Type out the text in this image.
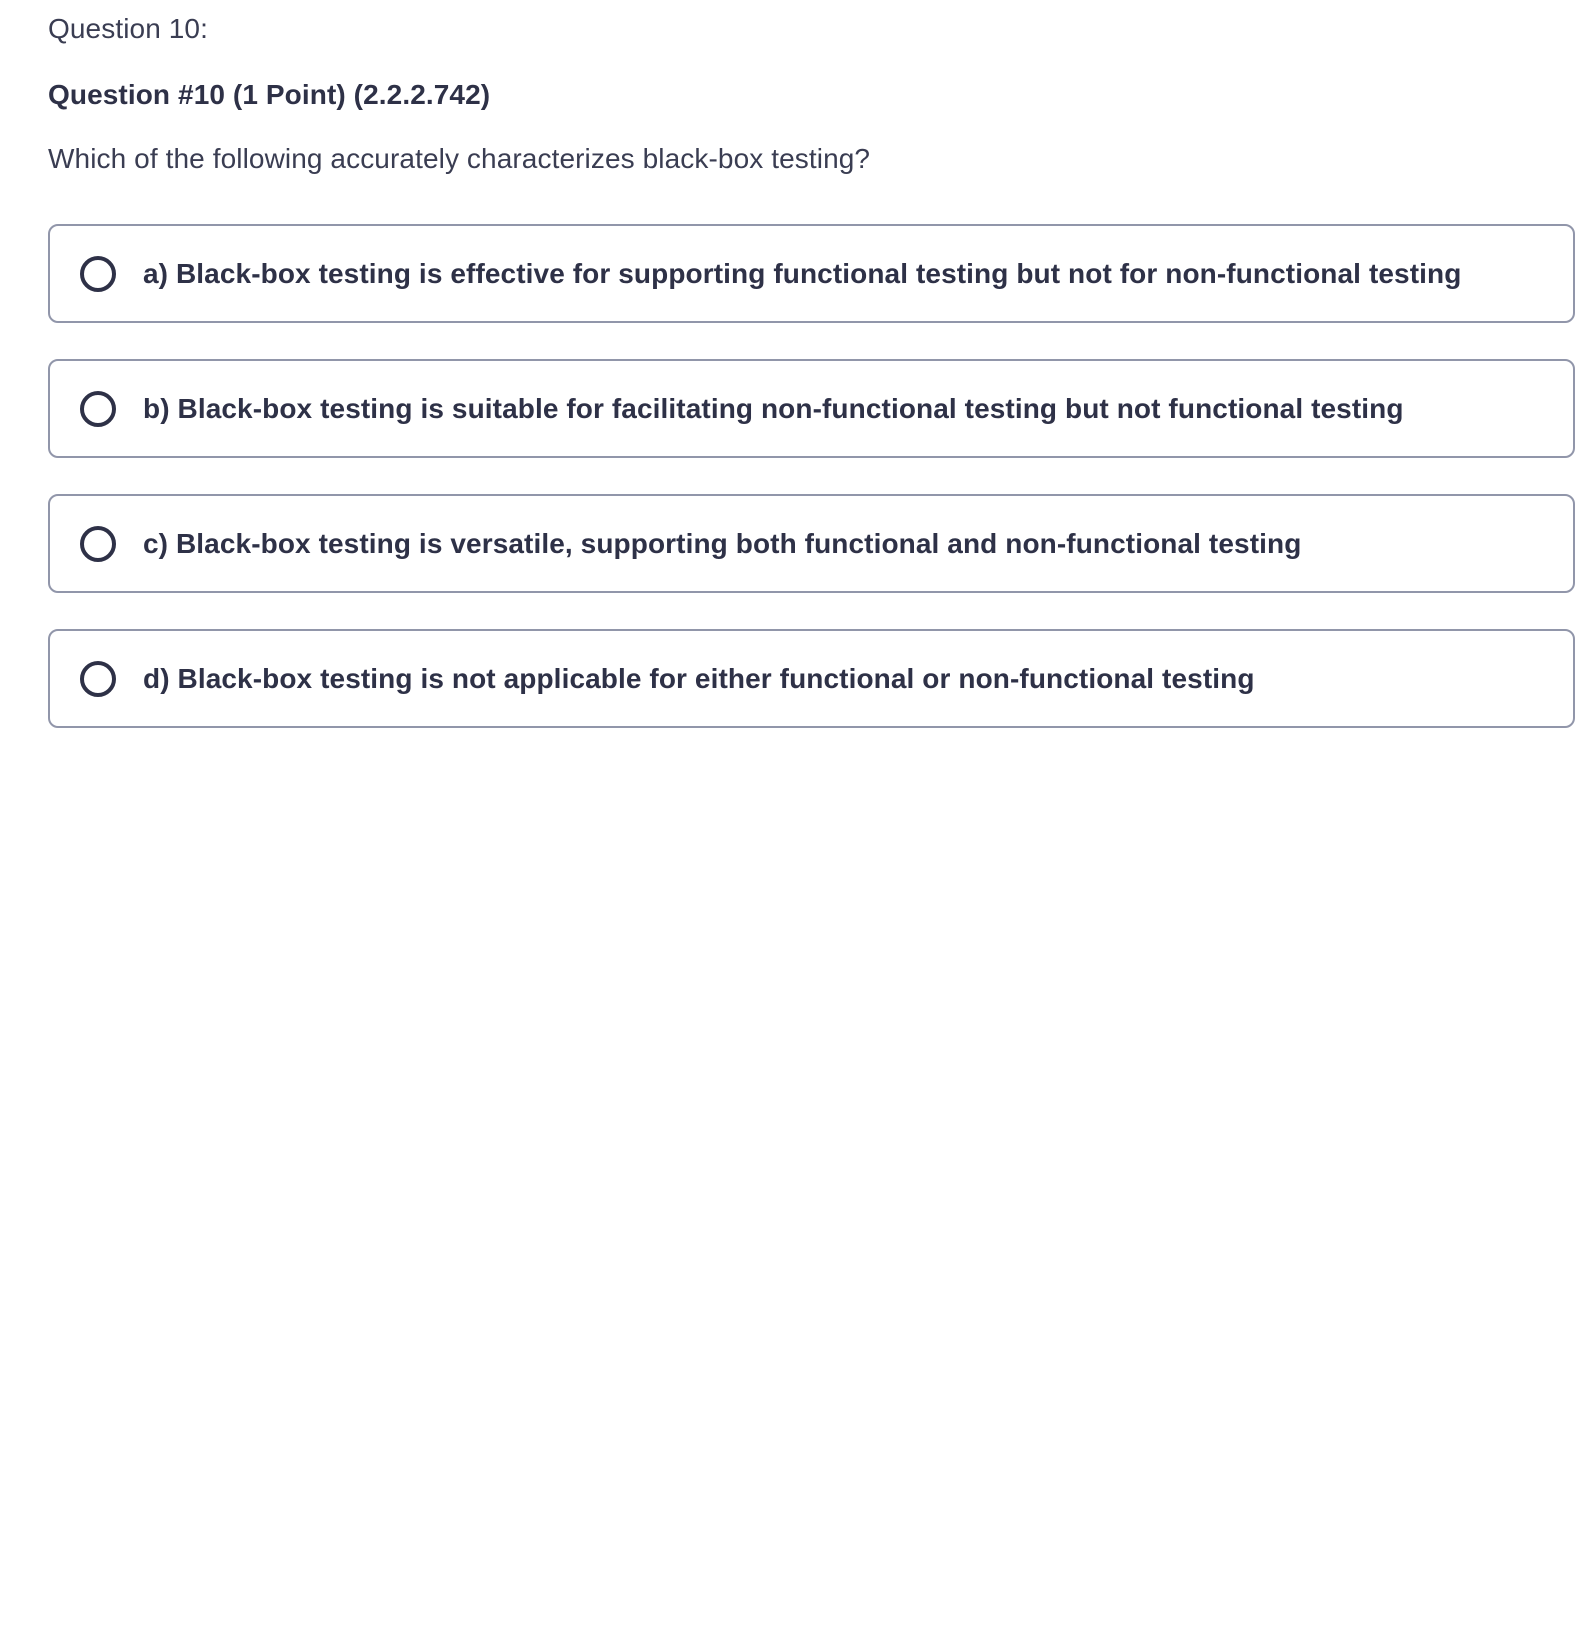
Question 10:

Question #10 (1 Point) (2.2.2.742)

Which of the following accurately characterizes black-box testing?

a) Black-box testing is effective for supporting functional testing but not for non-functional testing
b) Black-box testing is suitable for facilitating non-functional testing but not functional testing
c) Black-box testing is versatile, supporting both functional and non-functional testing
d) Black-box testing is not applicable for either functional or non-functional testing
